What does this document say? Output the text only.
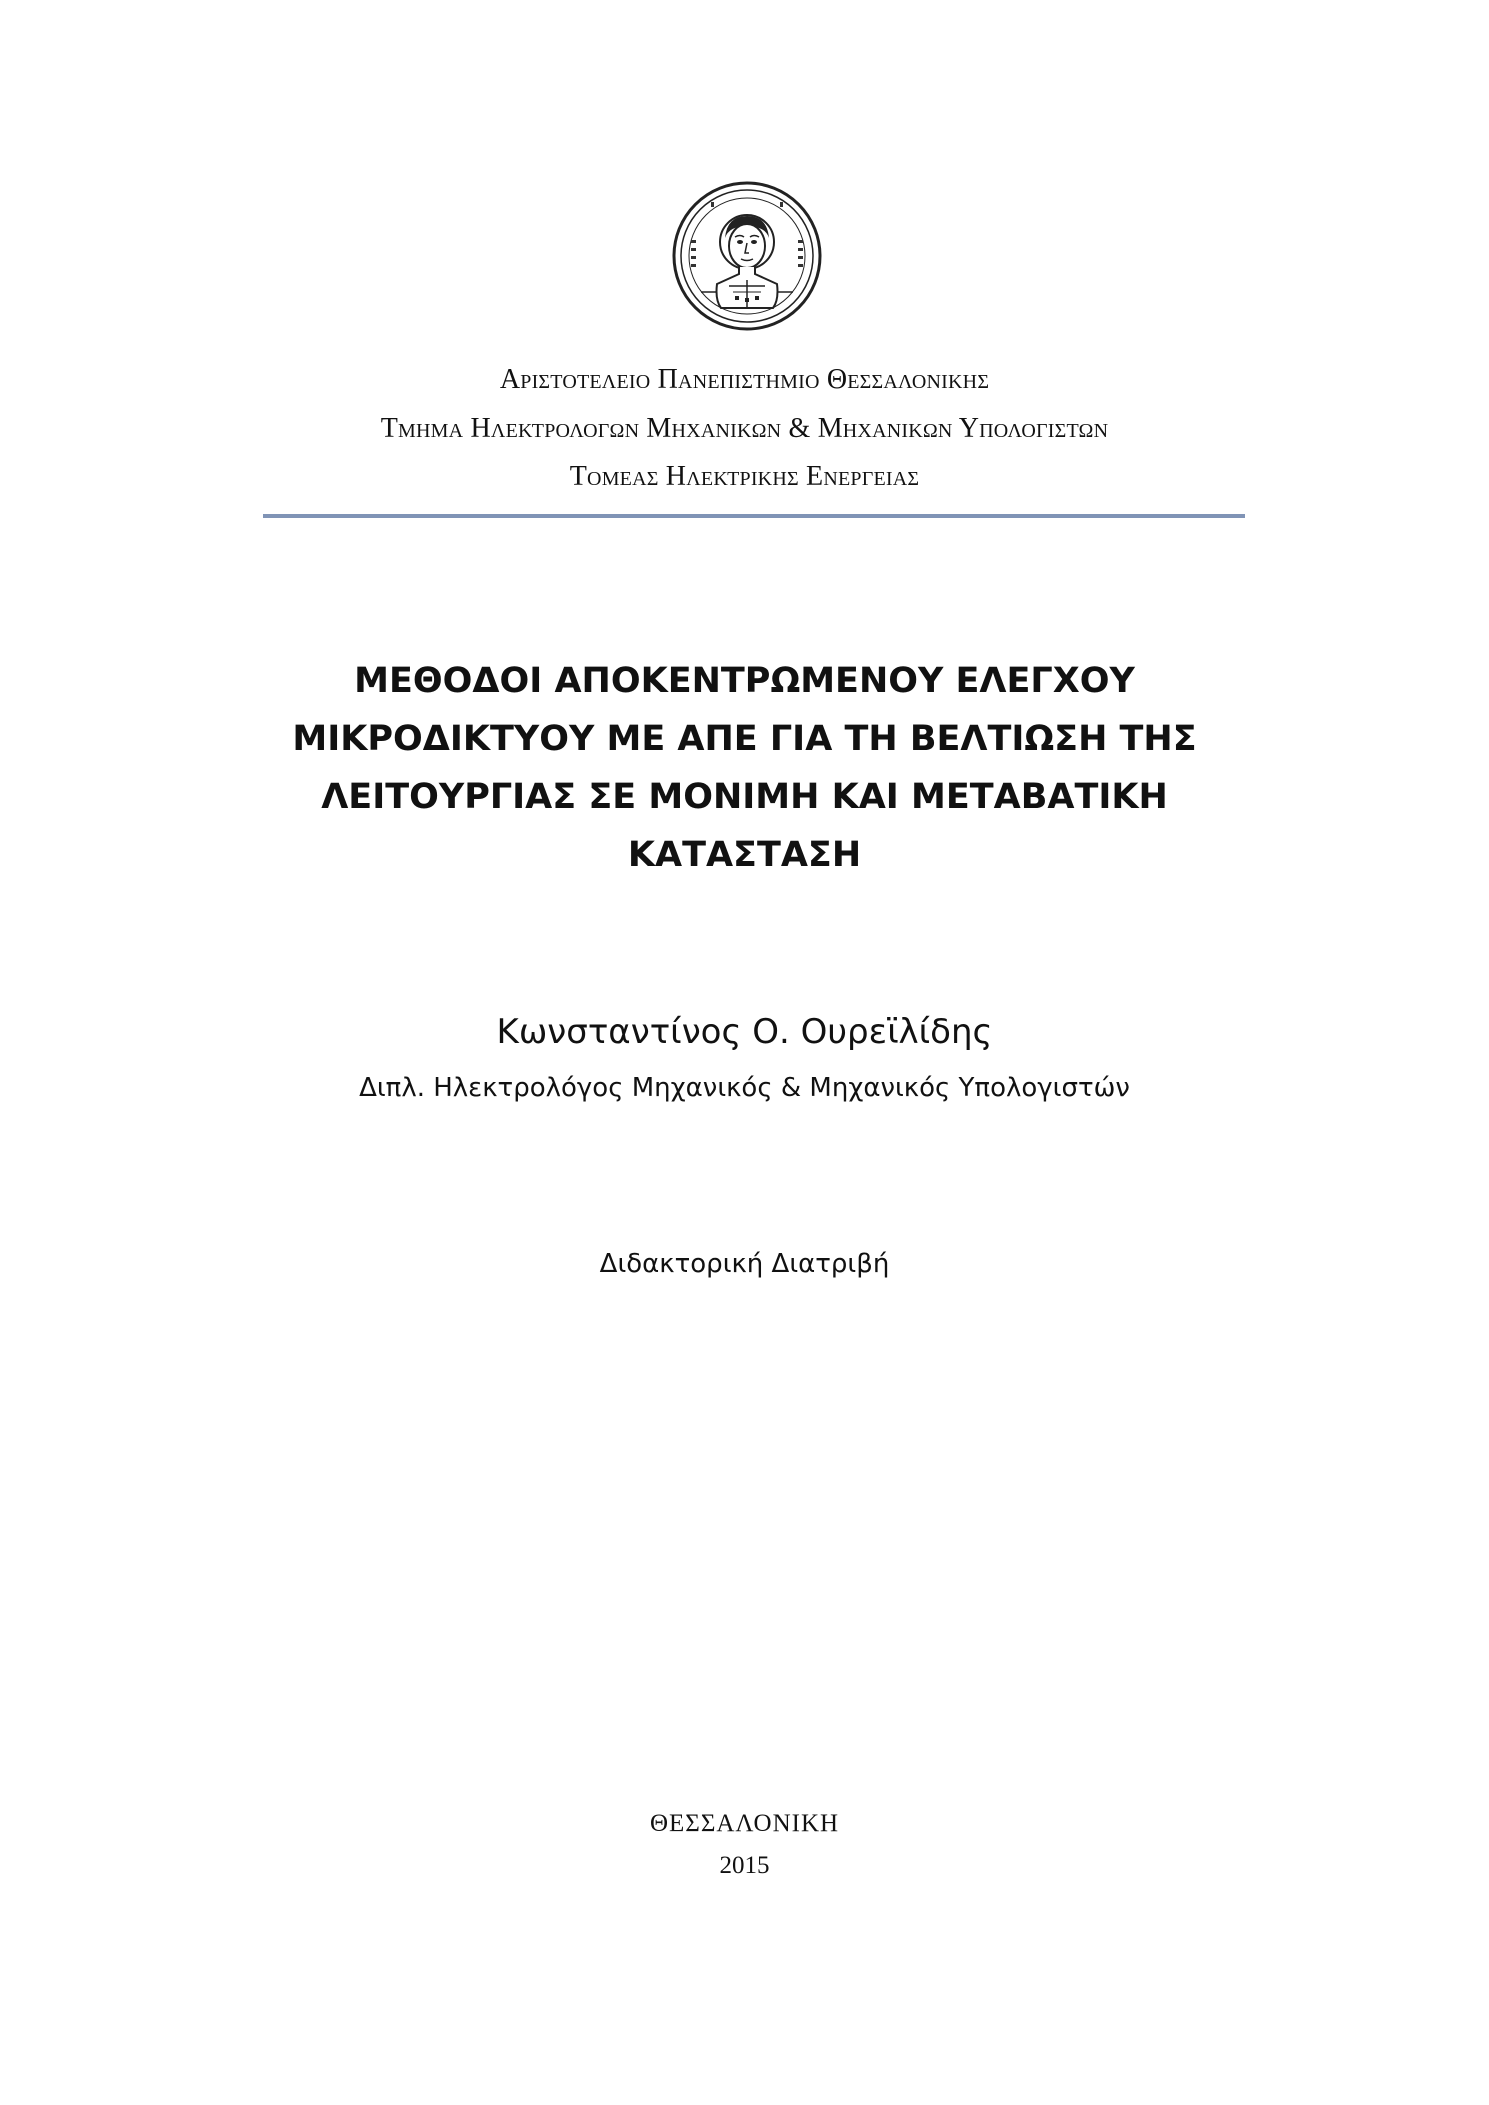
Αριστοτελειο Πανεπιστημιο Θεσσαλονικησ
Τμημα Ηλεκτρολογων Μηχανικων & Μηχανικων Υπολογιστων
Τομεασ Ηλεκτρικησ Ενεργειασ
ΜΕΘΟΔΟΙ ΑΠΟΚΕΝΤΡΩΜΕΝΟΥ ΕΛΕΓΧΟΥ
ΜΙΚΡΟΔΙΚΤΥΟΥ ΜΕ ΑΠΕ ΓΙΑ ΤΗ ΒΕΛΤΙΩΣΗ ΤΗΣ
ΛΕΙΤΟΥΡΓΙΑΣ ΣΕ ΜΟΝΙΜΗ ΚΑΙ ΜΕΤΑΒΑΤΙΚΗ
ΚΑΤΑΣΤΑΣΗ
Κωνσταντίνος Ο. Ουρεϊλίδης
Διπλ. Ηλεκτρολόγος Μηχανικός & Μηχανικός Υπολογιστών
Διδακτορική Διατριβή
ΘΕΣΣΑΛΟΝΙΚΗ
2015
